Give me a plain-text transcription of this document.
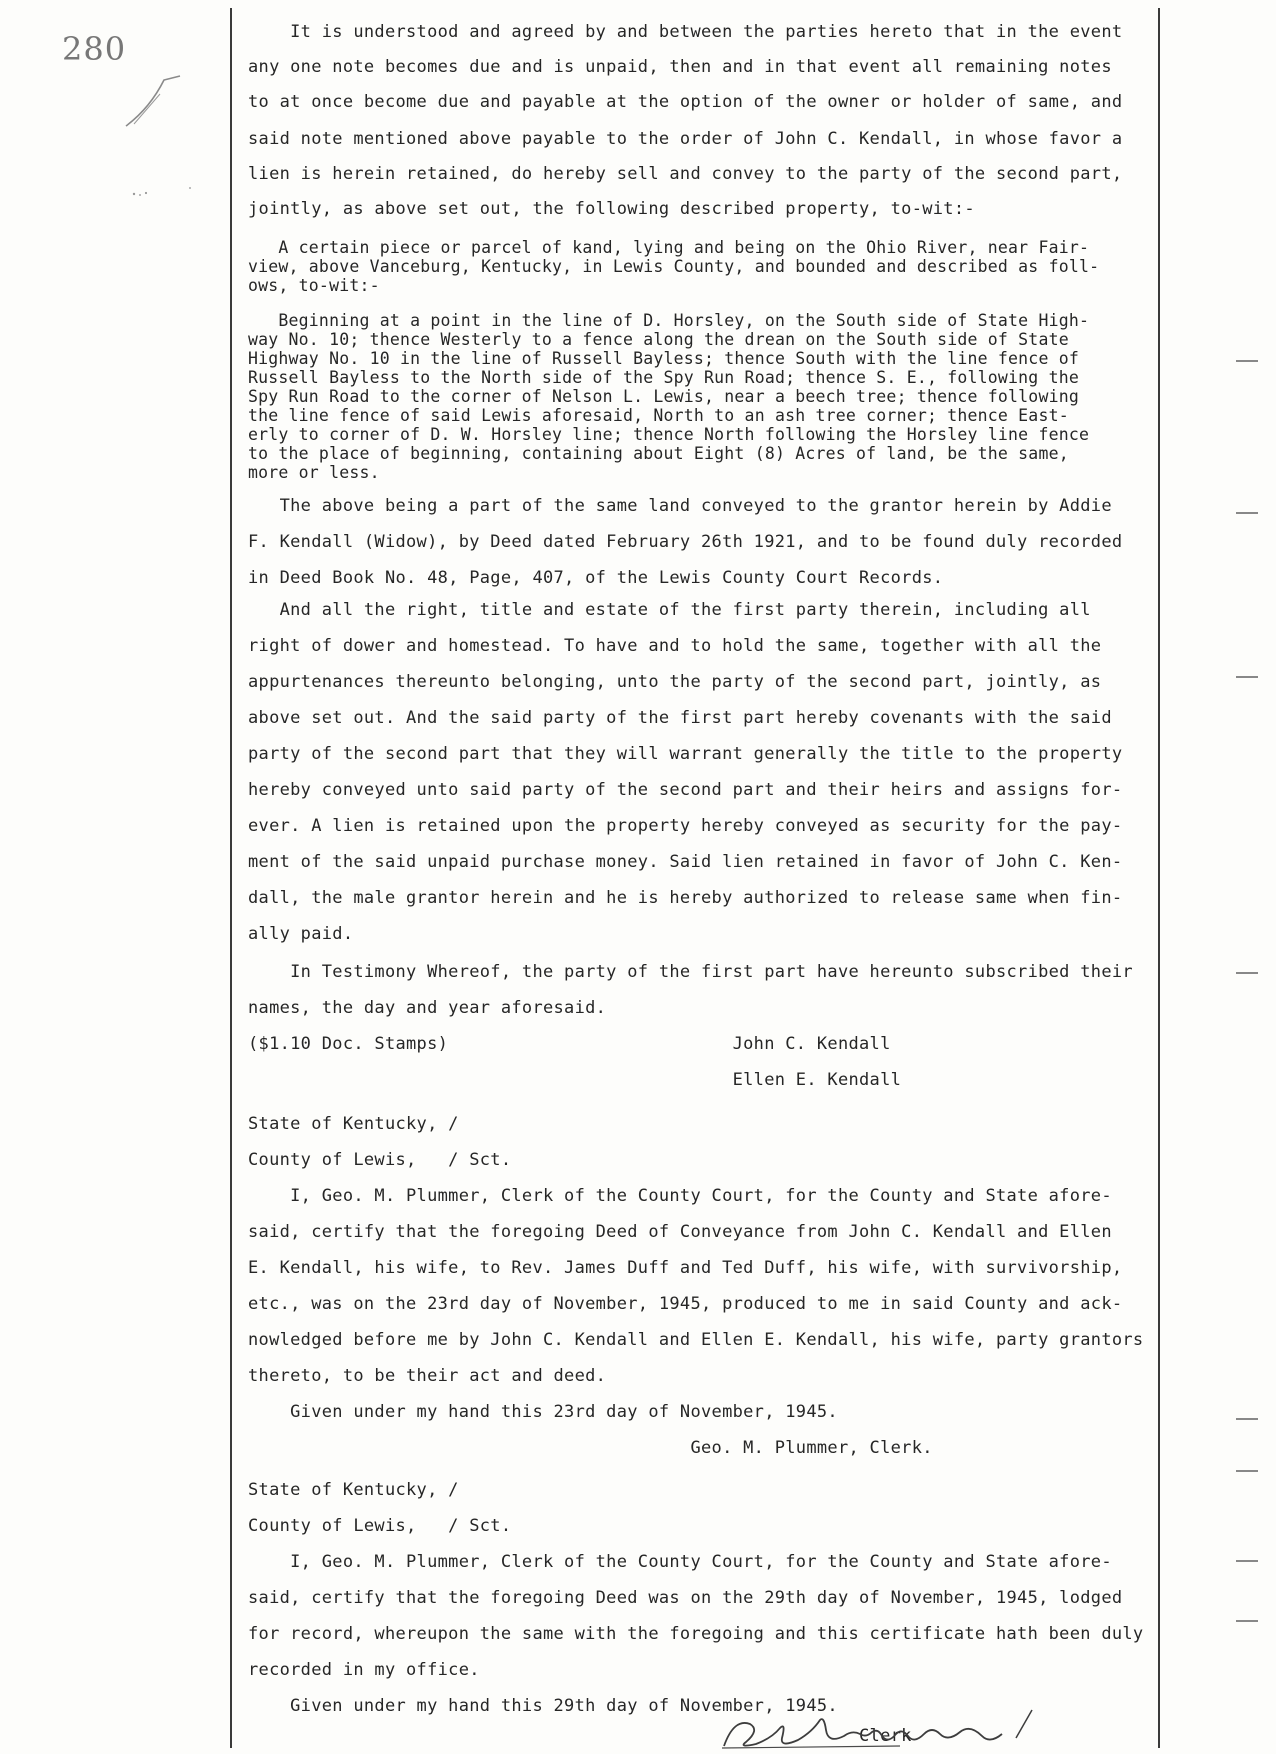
280	It is understood and agreed by and between the parties hereto that in the event
any one note becomes due and is unpaid, then and in that event all remaining notes
to at once become due and payable at the option of the owner or holder of same, and
said note mentioned above payable to the order of John C. Kendall, in whose favor a
lien is herein retained, do hereby sell and convey to the party of the second part,
jointly, as above set out, the following described property, to-wit:-
A certain piece or parcel of kand, lying and being on the Ohio River, near Fair-
view, above Vanceburg, Kentucky, in Lewis County, and bounded and described as foll-
ows, to-wit:-
Beginning at a point in the line of D. Horsley, on the South side of State High-
way No. 10; thence Westerly to a fence along the drean on the South side of State
Highway No. 10 in the line of Russell Bayless; thence South with the line fence of
Russell Bayless to the North side of the Spy Run Road; thence S. E., following the
Spy Run Road to the corner of Nelson L. Lewis, near a beech tree; thence following
the line fence of said Lewis aforesaid, North to an ash tree corner; thence East-
erly to corner of D. W. Horsley line; thence North following the Horsley line fence
to the place of beginning, containing about Eight (8) Acres of land, be the same,
more or less.
The above being a part of the same land conveyed to the grantor herein by Addie
F. Kendall (Widow), by Deed dated February 26th 1921, and to be found duly recorded
in Deed Book No. 48, Page, 407, of the Lewis County Court Records.
And all the right, title and estate of the first party therein, including all
right of dower and homestead. To have and to hold the same, together with all the
appurtenances thereunto belonging, unto the party of the second part, jointly, as
above set out. And the said party of the first part hereby covenants with the said
party of the second part that they will warrant generally the title to the property
hereby conveyed unto said party of the second part and their heirs and assigns for-
ever. A lien is retained upon the property hereby conveyed as security for the pay-
ment of the said unpaid purchase money. Said lien retained in favor of John C. Ken-
dall, the male grantor herein and he is hereby authorized to release same when fin-
ally paid.
In Testimony Whereof, the party of the first part have hereunto subscribed their
names, the day and year aforesaid.
($1.10 Doc. Stamps)                           John C. Kendall
Ellen E. Kendall
State of Kentucky, /
County of Lewis,   / Sct.
I, Geo. M. Plummer, Clerk of the County Court, for the County and State afore-
said, certify that the foregoing Deed of Conveyance from John C. Kendall and Ellen
E. Kendall, his wife, to Rev. James Duff and Ted Duff, his wife, with survivorship,
etc., was on the 23rd day of November, 1945, produced to me in said County and ack-
nowledged before me by John C. Kendall and Ellen E. Kendall, his wife, party grantors
thereto, to be their act and deed.
Given under my hand this 23rd day of November, 1945.
Geo. M. Plummer, Clerk.
State of Kentucky, /
County of Lewis,   / Sct.
I, Geo. M. Plummer, Clerk of the County Court, for the County and State afore-
said, certify that the foregoing Deed was on the 29th day of November, 1945, lodged
for record, whereupon the same with the foregoing and this certificate hath been duly
recorded in my office.
Given under my hand this 29th day of November, 1945.
Clerk
